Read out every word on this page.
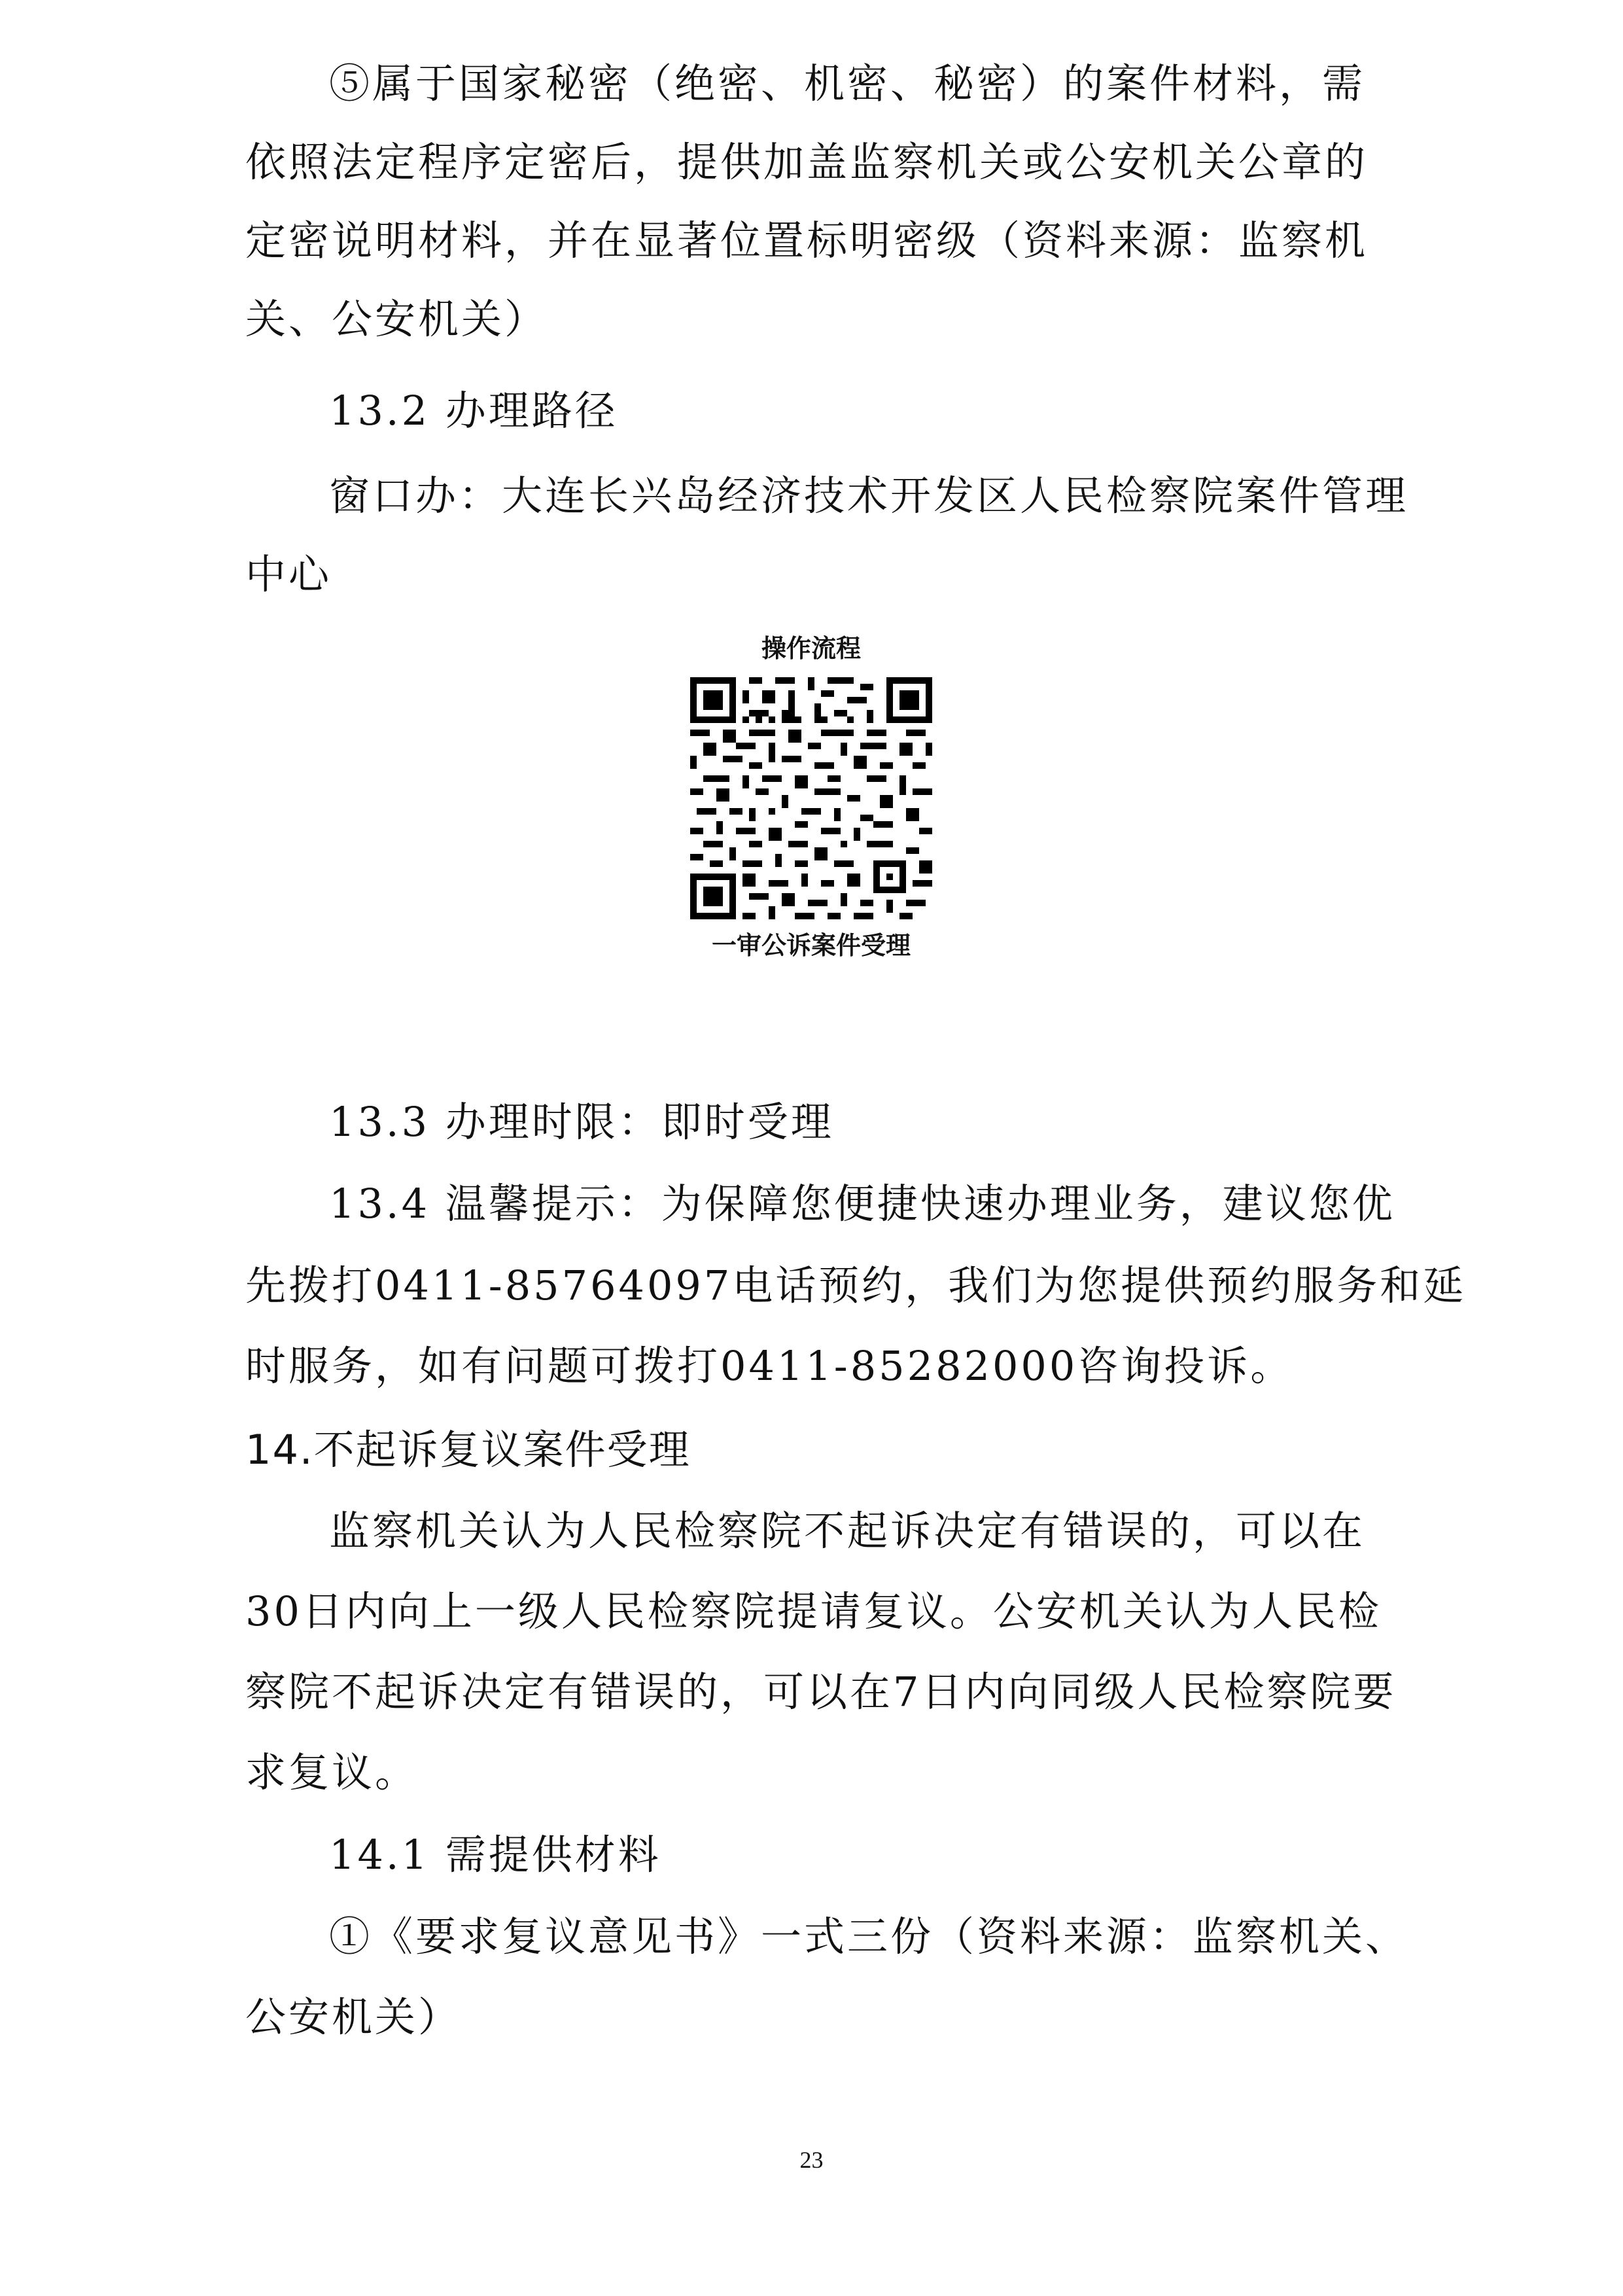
⑤属于国家秘密（绝密、机密、秘密）的案件材料，需

依照法定程序定密后，提供加盖监察机关或公安机关公章的

定密说明材料，并在显著位置标明密级（资料来源：监察机

关、公安机关）

13.2 办理路径

窗口办：大连长兴岛经济技术开发区人民检察院案件管理

中心

操作流程

一审公诉案件受理

13.3 办理时限：即时受理

13.4 温馨提示：为保障您便捷快速办理业务，建议您优

先拨打0411-85764097电话预约，我们为您提供预约服务和延

时服务，如有问题可拨打0411-85282000咨询投诉。

14.不起诉复议案件受理

监察机关认为人民检察院不起诉决定有错误的，可以在

30日内向上一级人民检察院提请复议。公安机关认为人民检

察院不起诉决定有错误的，可以在7日内向同级人民检察院要

求复议。

14.1 需提供材料

①《要求复议意见书》一式三份（资料来源：监察机关、

公安机关）

23
